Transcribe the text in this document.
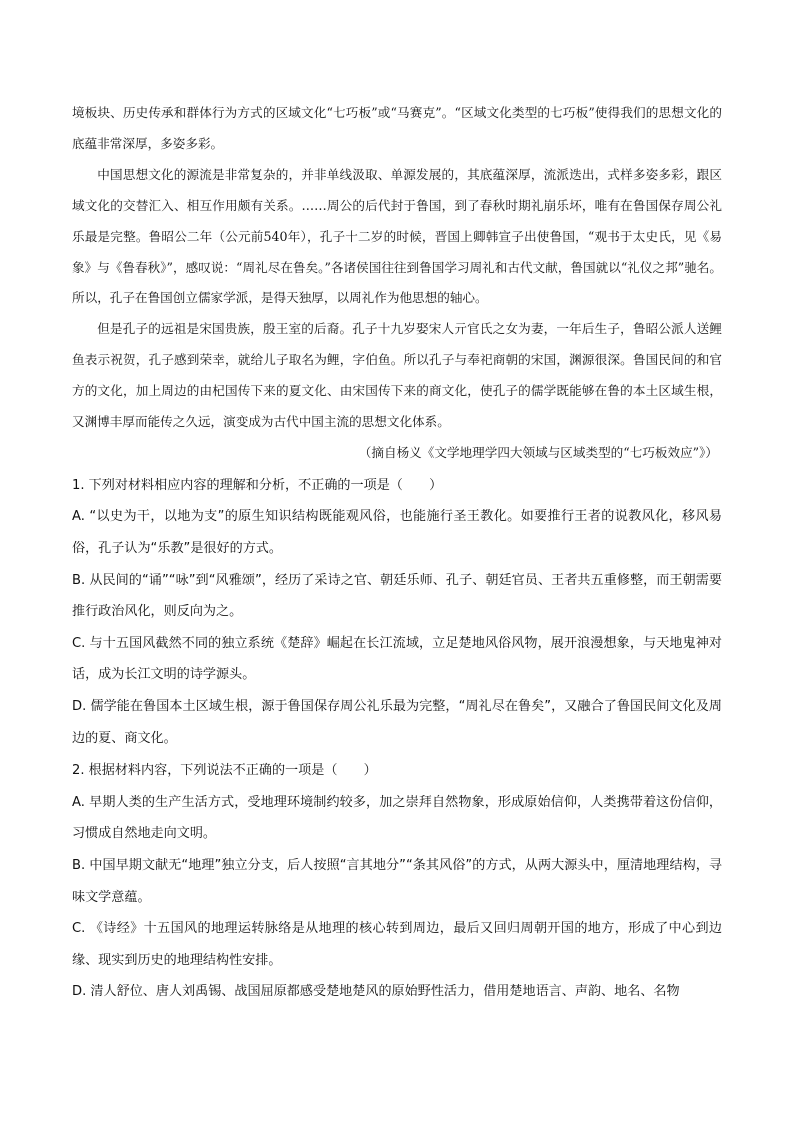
境板块、历史传承和群体行为方式的区域文化“七巧板”或“马赛克”。“区域文化类型的七巧板”使得我们的思想文化的底蕴非常深厚，多姿多彩。

中国思想文化的源流是非常复杂的，并非单线汲取、单源发展的，其底蕴深厚，流派迭出，式样多姿多彩，跟区域文化的交替汇入、相互作用颇有关系。……周公的后代封于鲁国，到了春秋时期礼崩乐坏，唯有在鲁国保存周公礼乐最是完整。鲁昭公二年（公元前540年），孔子十二岁的时候，晋国上卿韩宣子出使鲁国，“观书于太史氏，见《易象》与《鲁春秋》”，感叹说：“周礼尽在鲁矣。”各诸侯国往往到鲁国学习周礼和古代文献，鲁国就以“礼仪之邦”驰名。所以，孔子在鲁国创立儒家学派，是得天独厚，以周礼作为他思想的轴心。

但是孔子的远祖是宋国贵族，殷王室的后裔。孔子十九岁娶宋人亓官氏之女为妻，一年后生子，鲁昭公派人送鲤鱼表示祝贺，孔子感到荣幸，就给儿子取名为鲤，字伯鱼。所以孔子与奉祀商朝的宋国，渊源很深。鲁国民间的和官方的文化，加上周边的由杞国传下来的夏文化、由宋国传下来的商文化，使孔子的儒学既能够在鲁的本土区域生根，又渊博丰厚而能传之久远，演变成为古代中国主流的思想文化体系。

（摘自杨义《文学地理学四大领域与区域类型的“七巧板效应”》）

1. 下列对材料相应内容的理解和分析，不正确的一项是（　　）

A. “以史为干，以地为支”的原生知识结构既能观风俗，也能施行圣王教化。如要推行王者的说教风化，移风易俗，孔子认为“乐教”是很好的方式。

B. 从民间的“诵”“咏”到“风雅颂”，经历了采诗之官、朝廷乐师、孔子、朝廷官员、王者共五重修整，而王朝需要推行政治风化，则反向为之。

C. 与十五国风截然不同的独立系统《楚辞》崛起在长江流域，立足楚地风俗风物，展开浪漫想象，与天地鬼神对话，成为长江文明的诗学源头。

D. 儒学能在鲁国本土区域生根，源于鲁国保存周公礼乐最为完整，“周礼尽在鲁矣”，又融合了鲁国民间文化及周边的夏、商文化。

2. 根据材料内容，下列说法不正确的一项是（　　）

A. 早期人类的生产生活方式，受地理环境制约较多，加之崇拜自然物象，形成原始信仰，人类携带着这份信仰，习惯成自然地走向文明。

B. 中国早期文献无“地理”独立分支，后人按照“言其地分”“条其风俗”的方式，从两大源头中，厘清地理结构，寻味文学意蕴。

C. 《诗经》十五国风的地理运转脉络是从地理的核心转到周边，最后又回归周朝开国的地方，形成了中心到边缘、现实到历史的地理结构性安排。

D. 清人舒位、唐人刘禹锡、战国屈原都感受楚地楚风的原始野性活力，借用楚地语言、声韵、地名、名物
